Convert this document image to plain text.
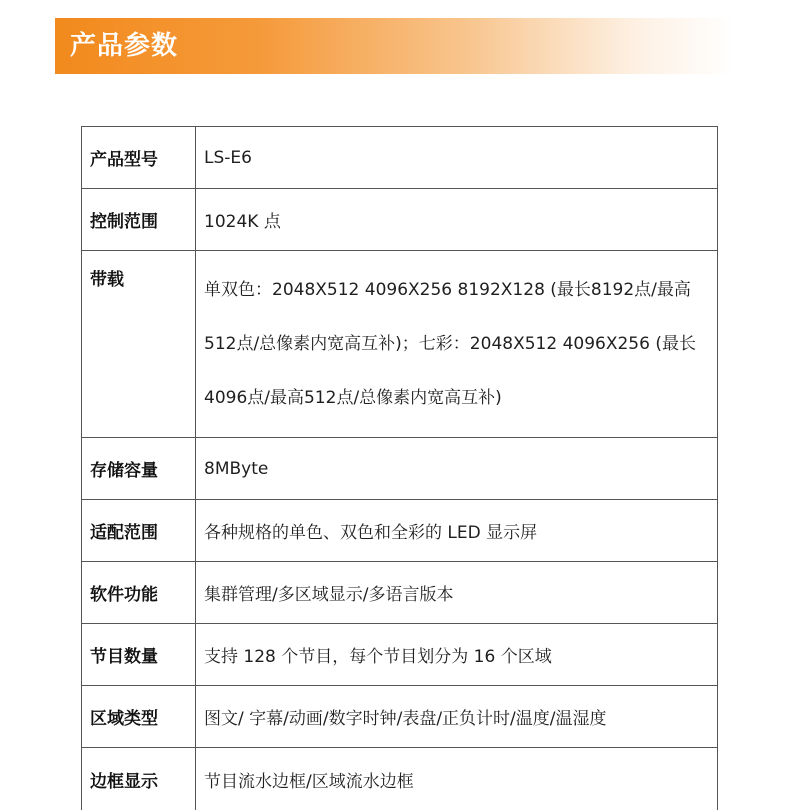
产品参数
产品型号	LS-E6
控制范围	1024K 点
带载	单双色：2048X512 4096X256 8192X128 (最长8192点/最高512点/总像素内宽高互补)；七彩：2048X512 4096X256 (最长4096点/最高512点/总像素内宽高互补)
存储容量	8MByte
适配范围	各种规格的单色、双色和全彩的 LED 显示屏
软件功能	集群管理/多区域显示/多语言版本
节目数量	支持 128 个节目，每个节目划分为 16 个区域
区域类型	图文/ 字幕/动画/数字时钟/表盘/正负计时/温度/温湿度
边框显示	节目流水边框/区域流水边框
